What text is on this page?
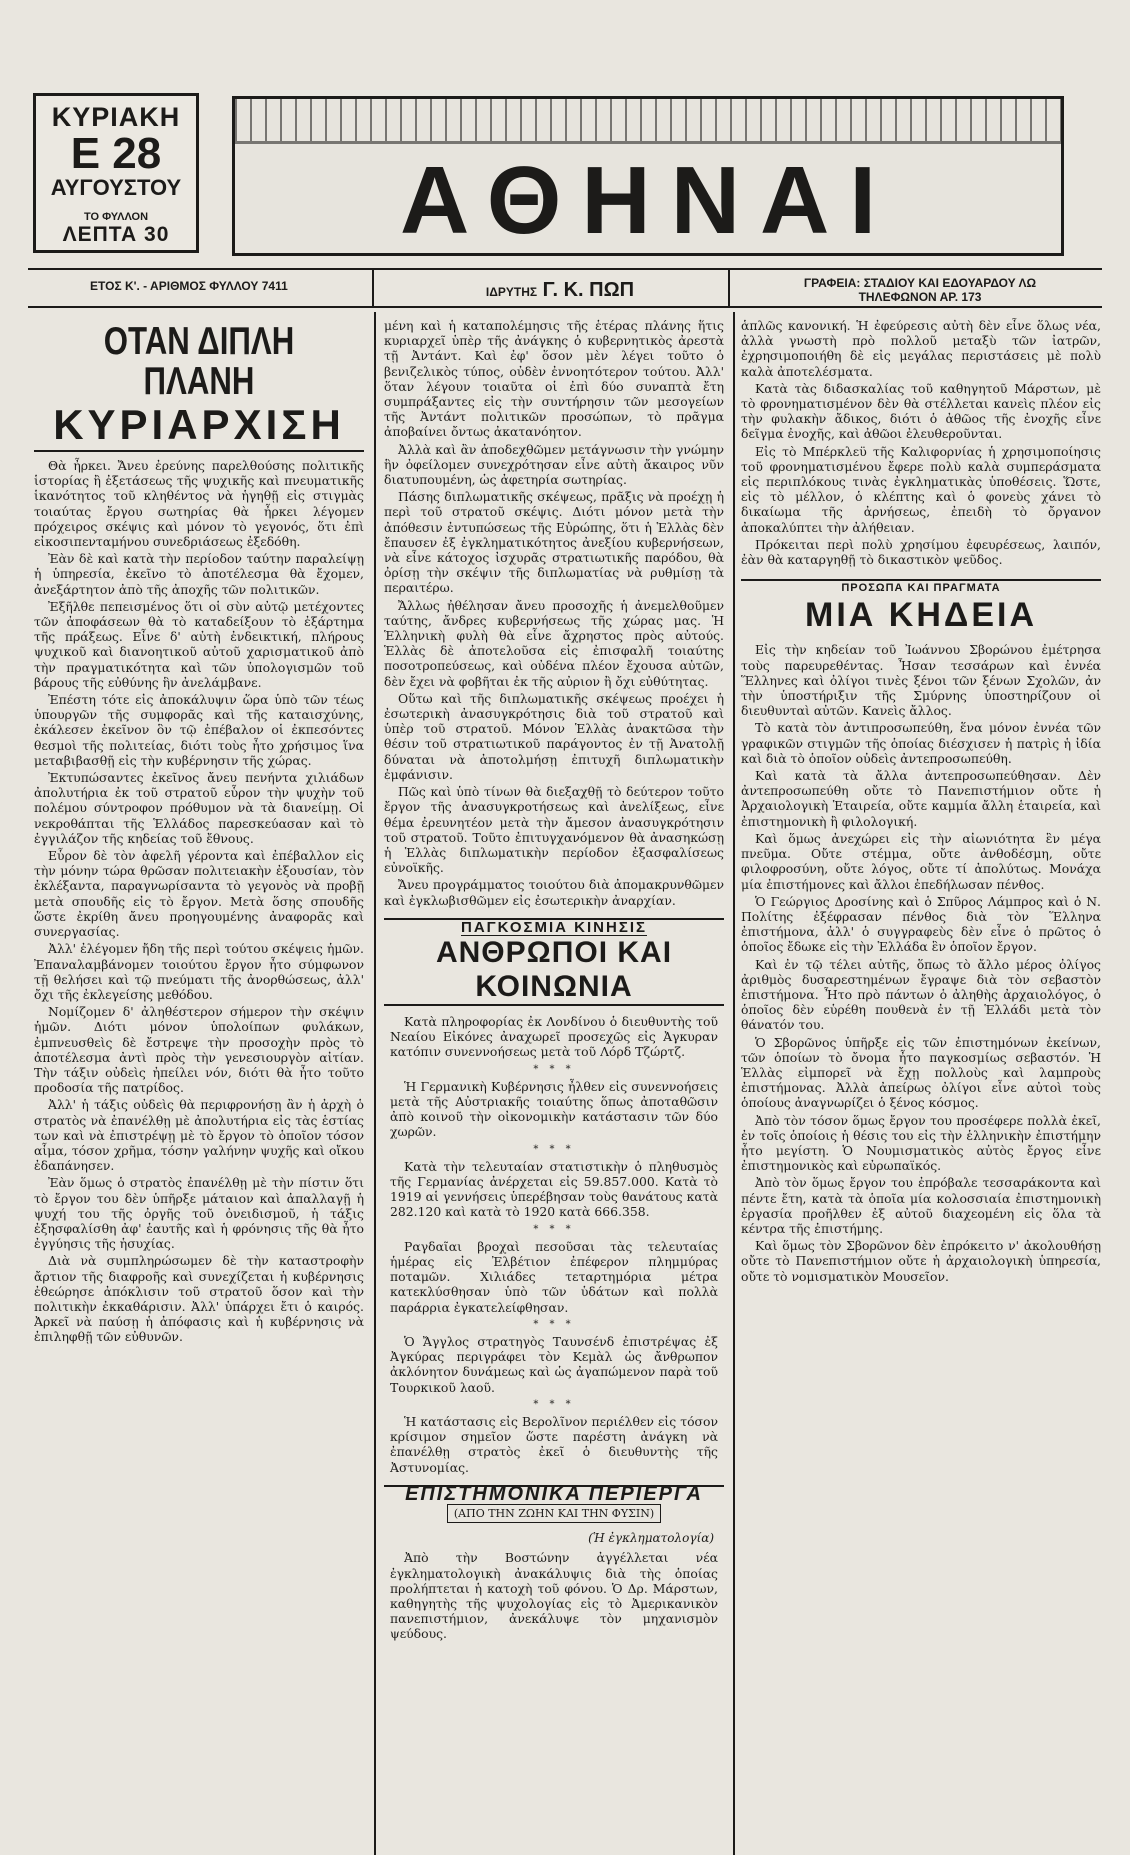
ΚΥΡΙΑΚΗ
Ε 28
ΑΥΓΟΥΣΤΟΥ
ΤΟ ΦΥΛΛΟΝ
ΛΕΠΤΑ 30	ΑΘΗΝΑΙ
ΕΤΟΣ Κ'. - ΑΡΙΘΜΟΣ ΦΥΛΛΟΥ 7411	ΙΔΡΥΤΗΣ Γ. Κ. ΠΩΠ	ΓΡΑΦΕΙΑ: ΣΤΑΔΙΟΥ ΚΑΙ ΕΔΟΥΑΡΔΟΥ ΛΩ
ΤΗΛΕΦΩΝΟΝ ΑΡ. 173
ΟΤΑΝ ΔΙΠΛΗ ΠΛΑΝΗ
ΚΥΡΙΑΡΧΙΣΗ

Θὰ ἦρκει. Ἄνευ ἐρεύνης παρελθούσης πολιτικῆς ἱστορίας ἢ ἐξετάσεως τῆς ψυχικῆς καὶ πνευματικῆς ἱκανότητος τοῦ κληθέντος νὰ ἡγηθῇ εἰς στιγμὰς τοιαύτας ἔργου σωτηρίας θὰ ἦρκει λέγομεν πρόχειρος σκέψις καὶ μόνον τὸ γεγονός, ὅτι ἐπὶ εἰκοσιπενταμήνου συνεδριάσεως ἐξεδόθη.

Ἐὰν δὲ καὶ κατὰ τὴν περίοδον ταύτην παραλείψῃ ἡ ὑπηρεσία, ἐκεῖνο τὸ ἀποτέλεσμα θὰ ἔχομεν, ἀνεξάρτητον ἀπὸ τῆς ἀποχῆς τῶν πολιτικῶν.

Ἐξῆλθε πεπεισμένος ὅτι οἱ σὺν αὐτῷ μετέχοντες τῶν ἀποφάσεων θὰ τὸ καταδείξουν τὸ ἐξάρτημα τῆς πράξεως. Εἶνε δ' αὐτὴ ἐνδεικτική, πλήρους ψυχικοῦ καὶ διανοητικοῦ αὐτοῦ χαρισματικοῦ ἀπὸ τὴν πραγματικότητα καὶ τῶν ὑπολογισμῶν τοῦ βάρους τῆς εὐθύνης ἣν ἀνελάμβανε.

Ἐπέστη τότε εἰς ἀποκάλυψιν ὥρα ὑπὸ τῶν τέως ὑπουργῶν τῆς συμφορᾶς καὶ τῆς καταισχύνης, ἐκάλεσεν ἐκεῖνον ὃν τῷ ἐπέβαλον οἱ ἐκπεσόντες θεσμοὶ τῆς πολιτείας, διότι τοὺς ἦτο χρήσιμος ἵνα μεταβιβασθῇ εἰς τὴν κυβέρνησιν τῆς χώρας.

Ἐκτυπώσαντες ἐκεῖνος ἄνευ πενήντα χιλιάδων ἀπολυτήρια ἐκ τοῦ στρατοῦ εὗρον τὴν ψυχὴν τοῦ πολέμου σύντροφον πρόθυμον νὰ τὰ διανείμῃ. Οἱ νεκροθάπται τῆς Ἑλλάδος παρεσκεύασαν καὶ τὸ ἐγγιλάζον τῆς κηδείας τοῦ ἔθνους.

Εὗρον δὲ τὸν ἀφελῆ γέροντα καὶ ἐπέβαλλον εἰς τὴν μόνην τώρα θρῶσαν πολιτειακὴν ἐξουσίαν, τὸν ἐκλέξαντα, παραγνωρίσαντα τὸ γεγονὸς νὰ προβῇ μετὰ σπουδῆς εἰς τὸ ἔργον. Μετὰ ὅσης σπουδῆς ὥστε ἐκρίθη ἄνευ προηγουμένης ἀναφορᾶς καὶ συνεργασίας.

Ἀλλ' ἐλέγομεν ἤδη τῆς περὶ τούτου σκέψεις ἡμῶν. Ἐπαναλαμβάνομεν τοιούτου ἔργον ἦτο σύμφωνον τῇ θελήσει καὶ τῷ πνεύματι τῆς ἀνορθώσεως, ἀλλ' ὄχι τῆς ἐκλεγείσης μεθόδου.

Νομίζομεν δ' ἀληθέστερον σήμερον τὴν σκέψιν ἡμῶν. Διότι μόνον ὑπολοίπων φυλάκων, ἐμπνευσθεὶς δὲ ἔστρεψε τὴν προσοχὴν πρὸς τὸ ἀποτέλεσμα ἀντὶ πρὸς τὴν γενεσιουργὸν αἰτίαν. Τὴν τάξιν οὐδεὶς ἠπείλει νόν, διότι θὰ ἦτο τοῦτο προδοσία τῆς πατρίδος.

Ἀλλ' ἡ τάξις οὐδεὶς θὰ περιφρονήσῃ ἂν ἡ ἀρχὴ ὁ στρατὸς νὰ ἐπανέλθῃ μὲ ἀπολυτήρια εἰς τὰς ἑστίας των καὶ νὰ ἐπιστρέψῃ μὲ τὸ ἔργον τὸ ὁποῖον τόσον αἷμα, τόσον χρῆμα, τόσην γαλήνην ψυχῆς καὶ οἴκου ἐδαπάνησεν.

Ἐὰν ὅμως ὁ στρατὸς ἐπανέλθῃ μὲ τὴν πίστιν ὅτι τὸ ἔργον του δὲν ὑπῆρξε μάταιον καὶ ἀπαλλαγῇ ἡ ψυχή του τῆς ὀργῆς τοῦ ὀνειδισμοῦ, ἡ τάξις ἐξησφαλίσθη ἀφ' ἑαυτῆς καὶ ἡ φρόνησις τῆς θὰ ἦτο ἐγγύησις τῆς ἡσυχίας.

Διὰ νὰ συμπληρώσωμεν δὲ τὴν καταστροφὴν ἄρτιον τῆς διαφροῆς καὶ συνεχίζεται ἡ κυβέρνησις ἐθεώρησε ἀπόκλισιν τοῦ στρατοῦ ὅσον καὶ τὴν πολιτικὴν ἐκκαθάρισιν. Ἀλλ' ὑπάρχει ἔτι ὁ καιρός. Ἀρκεῖ νὰ παύσῃ ἡ ἀπόφασις καὶ ἡ κυβέρνησις νὰ ἐπιληφθῇ τῶν εὐθυνῶν.

μένη καὶ ἡ καταπολέμησις τῆς ἑτέρας πλάνης ἥτις κυριαρχεῖ ὑπὲρ τῆς ἀνάγκης ὁ κυβερνητικὸς ἀρεστὰ τῇ Ἀντάντ. Καὶ ἐφ' ὅσον μὲν λέγει τοῦτο ὁ βενιζελικὸς τύπος, οὐδὲν ἐννοητότερον τούτου. Ἀλλ' ὅταν λέγουν τοιαῦτα οἱ ἐπὶ δύο συναπτὰ ἔτη συμπράξαντες εἰς τὴν συντήρησιν τῶν μεσογείων τῆς Ἀντάντ πολιτικῶν προσώπων, τὸ πρᾶγμα ἀποβαίνει ὄντως ἀκατανόητον.

Ἀλλὰ καὶ ἂν ἀποδεχθῶμεν μετάγνωσιν τὴν γνώμην ἣν ὀφείλομεν συνεχρότησαν εἶνε αὐτὴ ἄκαιρος νῦν διατυπουμένη, ὡς ἀφετηρία σωτηρίας.

Πάσης διπλωματικῆς σκέψεως, πρᾶξις νὰ προέχῃ ἡ περὶ τοῦ στρατοῦ σκέψις. Διότι μόνον μετὰ τὴν ἀπόθεσιν ἐντυπώσεως τῆς Εὐρώπης, ὅτι ἡ Ἑλλὰς δὲν ἔπαυσεν ἐξ ἐγκληματικότητος ἀνεξίου κυβερνήσεων, νὰ εἶνε κάτοχος ἰσχυρᾶς στρατιωτικῆς παρόδου, θὰ ὀρίσῃ τὴν σκέψιν τῆς διπλωματίας νὰ ρυθμίσῃ τὰ περαιτέρω.

Ἄλλως ἠθέλησαν ἄνευ προσοχῆς ἡ ἀνεμελθοῦμεν ταύτης, ἄνδρες κυβερνήσεως τῆς χώρας μας. Ἡ Ἑλληνικὴ φυλὴ θὰ εἶνε ἄχρηστος πρὸς αὐτούς. Ἑλλὰς δὲ ἀποτελοῦσα εἰς ἐπισφαλῆ τοιαύτης ποσοτροπεύσεως, καὶ οὐδένα πλέον ἔχουσα αὐτῶν, δὲν ἔχει νὰ φοβῆται ἐκ τῆς αὐριον ἢ ὄχι εὐθύτητας.

Οὕτω καὶ τῆς διπλωματικῆς σκέψεως προέχει ἡ ἐσωτερικὴ ἀνασυγκρότησις διὰ τοῦ στρατοῦ καὶ ὑπὲρ τοῦ στρατοῦ. Μόνον Ἑλλὰς ἀνακτῶσα τὴν θέσιν τοῦ στρατιωτικοῦ παράγοντος ἐν τῇ Ἀνατολῇ δύναται νὰ ἀποτολμήσῃ ἐπιτυχῆ διπλωματικὴν ἐμφάνισιν.

Πῶς καὶ ὑπὸ τίνων θὰ διεξαχθῇ τὸ δεύτερον τοῦτο ἔργον τῆς ἀνασυγκροτήσεως καὶ ἀνελίξεως, εἶνε θέμα ἐρευνητέον μετὰ τὴν ἄμεσον ἀνασυγκρότησιν τοῦ στρατοῦ. Τοῦτο ἐπιτυγχανόμενον θὰ ἀνασηκώσῃ ἡ Ἑλλὰς διπλωματικὴν περίοδον ἐξασφαλίσεως εὐνοϊκῆς.

Ἄνευ προγράμματος τοιούτου διὰ ἀπομακρυνθῶμεν καὶ ἐγκλωβισθῶμεν εἰς ἐσωτερικὴν ἀναρχίαν.

ΠΑΓΚΟΣΜΙΑ ΚΙΝΗΣΙΣ
ΑΝΘΡΩΠΟΙ ΚΑΙ ΚΟΙΝΩΝΙΑ

Κατὰ πληροφορίας ἐκ Λονδίνου ὁ διευθυντὴς τοῦ Νεαίου Εἰκόνες ἀναχωρεῖ προσεχῶς εἰς Ἀγκυραν κατόπιν συνεννοήσεως μετὰ τοῦ Λόρδ Τζώρτζ.

* * *

Ἡ Γερμανικὴ Κυβέρνησις ἦλθεν εἰς συνεννοήσεις μετὰ τῆς Αὐστριακῆς τοιαύτης ὅπως ἀποταθῶσιν ἀπὸ κοινοῦ τὴν οἰκονομικὴν κατάστασιν τῶν δύο χωρῶν.

* * *

Κατὰ τὴν τελευταίαν στατιστικὴν ὁ πληθυσμὸς τῆς Γερμανίας ἀνέρχεται εἰς 59.857.000. Κατὰ τὸ 1919 αἱ γεννήσεις ὑπερέβησαν τοὺς θανάτους κατὰ 282.120 καὶ κατὰ τὸ 1920 κατὰ 666.358.

* * *

Ραγδαῖαι βροχαὶ πεσοῦσαι τὰς τελευταίας ἡμέρας εἰς Ἐλβέτιον ἐπέφερον πλημμύρας ποταμῶν. Χιλιάδες τεταρτημόρια μέτρα κατεκλύσθησαν ὑπὸ τῶν ὑδάτων καὶ πολλὰ παράρρια ἐγκατελείφθησαν.

* * *

Ὁ Ἄγγλος στρατηγὸς Ταυνσένδ ἐπιστρέψας ἐξ Ἀγκύρας περιγράφει τὸν Κεμὰλ ὡς ἄνθρωπον ἀκλόνητον δυνάμεως καὶ ὡς ἀγαπώμενον παρὰ τοῦ Τουρκικοῦ λαοῦ.

* * *

Ἡ κατάστασις εἰς Βερολῖνον περιέλθεν εἰς τόσον κρίσιμον σημεῖον ὥστε παρέστη ἀνάγκη νὰ ἐπανέλθῃ στρατὸς ἐκεῖ ὁ διευθυντὴς τῆς Ἀστυνομίας.

ΕΠΙΣΤΗΜΟΝΙΚΑ ΠΕΡΙΕΡΓΑ
(ΑΠΟ ΤΗΝ ΖΩΗΝ ΚΑΙ ΤΗΝ ΦΥΣΙΝ)
(Ἡ ἐγκληματολογία)

Ἀπὸ τὴν Βοστώνην ἀγγέλλεται νέα ἐγκληματολογικὴ ἀνακάλυψις διὰ τὴς ὁποίας προλήπτεται ἡ κατοχὴ τοῦ φόνου. Ὁ Δρ. Μάρστων, καθηγητὴς τῆς ψυχολογίας εἰς τὸ Ἀμερικανικὸν πανεπιστήμιον, ἀνεκάλυψε τὸν μηχανισμὸν ψεύδους.

ἁπλῶς κανονική. Ἡ ἐφεύρεσις αὐτὴ δὲν εἶνε ὅλως νέα, ἀλλὰ γνωστὴ πρὸ πολλοῦ μεταξὺ τῶν ἰατρῶν, ἐχρησιμοποιήθη δὲ εἰς μεγάλας περιστάσεις μὲ πολὺ καλὰ ἀποτελέσματα.

Κατὰ τὰς διδασκαλίας τοῦ καθηγητοῦ Μάρστων, μὲ τὸ φρονηματισμένον δὲν θὰ στέλλεται κανεὶς πλέον εἰς τὴν φυλακὴν ἄδικος, διότι ὁ ἀθῶος τῆς ἐνοχῆς εἶνε δεῖγμα ἐνοχῆς, καὶ ἀθῶοι ἐλευθεροῦνται.

Εἰς τὸ Μπέρκλεϋ τῆς Καλιφορνίας ἡ χρησιμοποίησις τοῦ φρονηματισμένου ἔφερε πολὺ καλὰ συμπεράσματα εἰς περιπλόκους τινὰς ἐγκληματικὰς ὑποθέσεις. Ὥστε, εἰς τὸ μέλλον, ὁ κλέπτης καὶ ὁ φονεὺς χάνει τὸ δικαίωμα τῆς ἀρνήσεως, ἐπειδὴ τὸ ὄργανον ἀποκαλύπτει τὴν ἀλήθειαν.

Πρόκειται περὶ πολὺ χρησίμου ἐφευρέσεως, λαιπόν, ἐὰν θὰ καταργηθῇ τὸ δικαστικὸν ψεῦδος.

ΠΡΟΣΩΠΑ ΚΑΙ ΠΡΑΓΜΑΤΑ
ΜΙΑ ΚΗΔΕΙΑ

Εἰς τὴν κηδείαν τοῦ Ἰωάννου Σβορώνου ἐμέτρησα τοὺς παρευρεθέντας. Ἦσαν τεσσάρων καὶ ἐννέα Ἕλληνες καὶ ὀλίγοι τινὲς ξένοι τῶν ξένων Σχολῶν, ἀν τὴν ὑποστήριξιν τῆς Σμύρνης ὑποστηρίζουν οἱ διευθυνταὶ αὐτῶν. Κανεὶς ἄλλος.

Τὸ κατὰ τὸν ἀντιπροσωπεύθη, ἕνα μόνον ἐννέα τῶν γραφικῶν στιγμῶν τῆς ὁποίας διέσχισεν ἡ πατρὶς ἡ ἰδία καὶ διὰ τὸ ὁποῖον οὐδεὶς ἀντεπροσωπεύθη.

Καὶ κατὰ τὰ ἄλλα ἀντεπροσωπεύθησαν. Δὲν ἀντεπροσωπεύθη οὔτε τὸ Πανεπιστήμιον οὔτε ἡ Ἀρχαιολογικὴ Ἑταιρεία, οὔτε καμμία ἄλλη ἑταιρεία, καὶ ἐπιστημονικὴ ἢ φιλολογική.

Καὶ ὅμως ἀνεχώρει εἰς τὴν αἰωνιότητα ἓν μέγα πνεῦμα. Οὔτε στέμμα, οὔτε ἀνθοδέσμη, οὔτε φιλοφροσύνη, οὔτε λόγος, οὔτε τί ἀπολύτως. Μονάχα μία ἐπιστήμονες καὶ ἄλλοι ἐπεδήλωσαν πένθος.

Ὁ Γεώργιος Δροσίνης καὶ ὁ Σπῦρος Λάμπρος καὶ ὁ Ν. Πολίτης ἐξέφρασαν πένθος διὰ τὸν Ἕλληνα ἐπιστήμονα, ἀλλ' ὁ συγγραφεὺς δὲν εἶνε ὁ πρῶτος ὁ ὁποῖος ἔδωκε εἰς τὴν Ἑλλάδα ἓν ὁποῖον ἔργον.

Καὶ ἐν τῷ τέλει αὐτῆς, ὅπως τὸ ἄλλο μέρος ὀλίγος ἀριθμὸς δυσαρεστημένων ἔγραψε διὰ τὸν σεβαστὸν ἐπιστήμονα. Ἦτο πρὸ πάντων ὁ ἀληθὴς ἀρχαιολόγος, ὁ ὁποῖος δὲν εὑρέθη πουθενὰ ἐν τῇ Ἑλλάδι μετὰ τὸν θάνατόν του.

Ὁ Σβορῶνος ὑπῆρξε εἰς τῶν ἐπιστημόνων ἐκείνων, τῶν ὁποίων τὸ ὄνομα ἦτο παγκοσμίως σεβαστόν. Ἡ Ἑλλὰς εἰμπορεῖ νὰ ἔχῃ πολλοὺς καὶ λαμπροὺς ἐπιστήμονας. Ἀλλὰ ἀπείρως ὀλίγοι εἶνε αὐτοὶ τοὺς ὁποίους ἀναγνωρίζει ὁ ξένος κόσμος.

Ἀπὸ τὸν τόσον ὅμως ἔργον του προσέφερε πολλὰ ἐκεῖ, ἐν τοῖς ὁποίοις ἡ θέσις του εἰς τὴν ἑλληνικὴν ἐπιστήμην ἦτο μεγίστη. Ὁ Νουμισματικὸς αὐτὸς ἔργος εἶνε ἐπιστημονικὸς καὶ εὐρωπαϊκός.

Ἀπὸ τὸν ὅμως ἔργον του ἐπρόβαλε τεσσαράκοντα καὶ πέντε ἔτη, κατὰ τὰ ὁποῖα μία κολοσσιαία ἐπιστημονικὴ ἐργασία προῆλθεν ἐξ αὐτοῦ διαχεομένη εἰς ὅλα τὰ κέντρα τῆς ἐπιστήμης.

Καὶ ὅμως τὸν Σβορῶνον δὲν ἐπρόκειτο ν' ἀκολουθήσῃ οὔτε τὸ Πανεπιστήμιον οὔτε ἡ ἀρχαιολογικὴ ὑπηρεσία, οὔτε τὸ νομισματικὸν Μουσεῖον.
